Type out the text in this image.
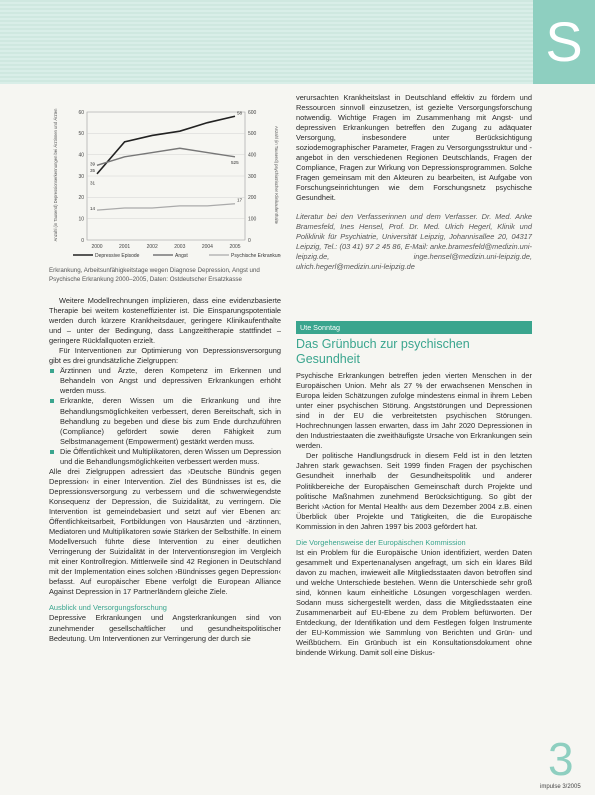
S
Anzahl (in Tausend) Depressionserkennungen bei Ärztinnen und Ärzten	Anzahl (in Tausend) psychiatrischer Klinikaufenthalte
60	600
50	500
40	400
30	300
20	200
10	100
0	0
2000	2001	2002	2003	2004	2005
39
35
14
31
58
17
525
Depressive Episode	Angst	Psychische Erkrankung
Erkrankung, Arbeitsunfähigkeitstage wegen Diagnose Depression, Angst und Psychische Erkrankung 2000–2005, Daten: Ostdeutscher Ersatzkasse

Weitere Modellrechnungen implizieren, dass eine evidenzbasierte Therapie bei weitem kosteneffizienter ist. Die Einsparungspotentiale werden durch kürzere Krankheitsdauer, geringere Klinikaufenthalte und – unter der Bedingung, dass Langzeittherapie stattfindet – geringere Rückfallquoten erzielt.

Für Interventionen zur Optimierung von Depressionsversorgung gibt es drei grundsätzliche Zielgruppen:

Ärztinnen und Ärzte, deren Kompetenz im Erkennen und Behandeln von Angst und depressiven Erkrankungen erhöht werden muss.
Erkrankte, deren Wissen um die Erkrankung und ihre Behandlungsmöglichkeiten verbessert, deren Bereitschaft, sich in Behandlung zu begeben und diese bis zum Ende durchzuführen (Compliance) gefördert sowie deren Fähigkeit zum Selbstmanagement (Empowerment) gestärkt werden muss.
Die Öffentlichkeit und Multiplikatoren, deren Wissen um Depression und die Behandlungsmöglichkeiten verbessert werden muss.

Alle drei Zielgruppen adressiert das ›Deutsche Bündnis gegen Depression‹ in einer Intervention. Ziel des Bündnisses ist es, die Depressionsversorgung zu verbessern und die schwerwiegendste Konsequenz der Depression, die Suizidalität, zu verringern. Die Intervention ist gemeindebasiert und setzt auf vier Ebenen an: Öffentlichkeitsarbeit, Fortbildungen von Hausärzten und -ärztinnen, Mediatoren und Multiplikatoren sowie Stärken der Selbsthilfe. In einem Modellversuch führte diese Intervention zu einer deutlichen Verringerung der Suizidalität in der Interventionsregion im Vergleich mit einer Kontrollregion. Mittlerweile sind 42 Regionen in Deutschland mit der Implementation eines solchen ›Bündnisses gegen Depression‹ befasst. Auf europäischer Ebene verfolgt die European Alliance Against Depression in 17 Partnerländern gleiche Ziele.

Ausblick und Versorgungsforschung

Depressive Erkrankungen und Angsterkrankungen sind von zunehmender gesellschaftlicher und gesundheitspolitischer Bedeutung. Um Interventionen zur Verringerung der durch sie

verursachten Krankheitslast in Deutschland effektiv zu fördern und Ressourcen sinnvoll einzusetzen, ist gezielte Versorgungsforschung notwendig. Wichtige Fragen im Zusammenhang mit Angst- und depressiven Erkrankungen betreffen den Zugang zu adäquater Versorgung, insbesondere unter Berücksichtigung soziodemographischer Parameter, Fragen zu Versorgungsstruktur und -angebot in den verschiedenen Regionen Deutschlands, Fragen der Compliance, Fragen zur Wirkung von Depressionsprogrammen. Solche Fragen gemeinsam mit den Akteuren zu bearbeiten, ist Aufgabe von Forschungseinrichtungen wie dem Forschungsnetz psychische Gesundheit.

Literatur bei den Verfasserinnen und dem Verfasser. Dr. Med. Anke Bramesfeld, Ines Hensel, Prof. Dr. Med. Ulrich Hegerl, Klinik und Poliklinik für Psychiatrie, Universität Leipzig, Johannisallee 20, 04317 Leipzig, Tel.: (03 41) 97 2 45 86, E-Mail: anke.bramesfeld@medizin.uni-leipzig.de, inge.hensel@medizin.uni-leipzig.de, ulrich.hegerl@medizin.uni-leipzig.de

Ute Sonntag
Das Grünbuch zur psychischen Gesundheit

Psychische Erkrankungen betreffen jeden vierten Menschen in der Europäischen Union. Mehr als 27 % der erwachsenen Menschen in Europa leiden Schätzungen zufolge mindestens einmal in ihrem Leben unter einer psychischen Störung. Angststörungen und Depressionen sind in der EU die verbreitetsten psychischen Störungen. Hochrechnungen lassen erwarten, dass im Jahr 2020 Depressionen in den Industriestaaten die zweithäufigste Ursache von Erkrankungen sein werden.

Der politische Handlungsdruck in diesem Feld ist in den letzten Jahren stark gewachsen. Seit 1999 finden Fragen der psychischen Gesundheit innerhalb der Gesundheitspolitik und anderer Politikbereiche der Europäischen Gemeinschaft durch Projekte und politische Maßnahmen zunehmend Berücksichtigung. So gibt der Bericht ›Action for Mental Health‹ aus dem Dezember 2004 z.B. einen Überblick über Projekte und Tätigkeiten, die die Europäische Kommission in den Jahren 1997 bis 2003 gefördert hat.

Die Vorgehensweise der Europäischen Kommission

Ist ein Problem für die Europäische Union identifiziert, werden Daten gesammelt und Expertenanalysen angefragt, um sich ein klares Bild davon zu machen, inwieweit alle Mitgliedsstaaten davon betroffen sind und welche Unterschiede bestehen. Wenn die Unterschiede sehr groß sind, können kaum einheitliche Lösungen vorgeschlagen werden. Sodann muss sichergestellt werden, dass die Mitgliedsstaaten eine Zusammenarbeit auf EU-Ebene zu dem Problem befürworten. Der Entdeckung, der Identifikation und dem Festlegen folgen Instrumente der EU-Kommission wie Sammlung von Berichten und Grün- und Weißbüchern. Ein Grünbuch ist ein Konsultationsdokument ohne bindende Wirkung. Damit soll eine Diskus-

3
impulse 3/2005
